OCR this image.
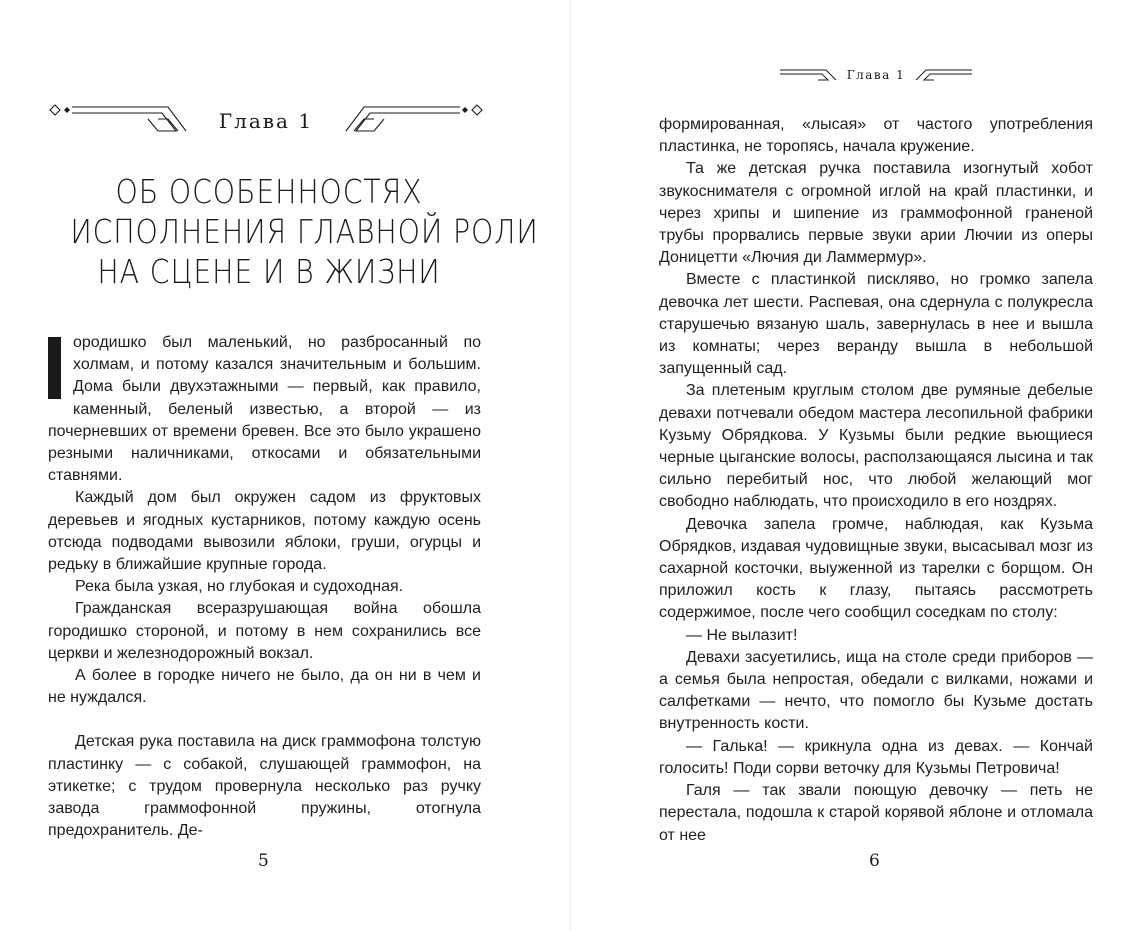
Глава 1
ОБ ОСОБЕННОСТЯХ
ИСПОЛНЕНИЯ ГЛАВНОЙ РОЛИ
НА СЦЕНЕ И В ЖИЗНИ

ородишко был маленький, но разбросанный по холмам, и потому казался значительным и большим. Дома были двухэтажными — первый, как правило, каменный, беленый известью, а второй — из почерневших от времени бревен. Все это было украшено резными наличниками, откосами и обязательными ставнями.

Каждый дом был окружен садом из фруктовых деревьев и ягодных кустарников, потому каждую осень отсюда подводами вывозили яблоки, груши, огурцы и редьку в ближайшие крупные города.

Река была узкая, но глубокая и судоходная.

Гражданская всеразрушающая война обошла городишко стороной, и потому в нем сохранились все церкви и железнодорожный вокзал.

А более в городке ничего не было, да он ни в чем и не нуждался.

Детская рука поставила на диск граммофона толстую пластинку — с собакой, слушающей граммофон, на этикетке; с трудом провернула несколько раз ручку завода граммофонной пружины, отогнула предохранитель. Де-

5
Глава 1

формированная, «лысая» от частого употребления пластинка, не торопясь, начала кружение.

Та же детская ручка поставила изогнутый хобот звукоснимателя с огромной иглой на край пластинки, и через хрипы и шипение из граммофонной граненой трубы прорвались первые звуки арии Лючии из оперы Доницетти «Лючия ди Ламмермур».

Вместе с пластинкой пискляво, но громко запела девочка лет шести. Распевая, она сдернула с полукресла старушечью вязаную шаль, завернулась в нее и вышла из комнаты; через веранду вышла в небольшой запущенный сад.

За плетеным круглым столом две румяные дебелые девахи потчевали обедом мастера лесопильной фабрики Кузьму Обрядкова. У Кузьмы были редкие вьющиеся черные цыганские волосы, расползающаяся лысина и так сильно перебитый нос, что любой желающий мог свободно наблюдать, что происходило в его ноздрях.

Девочка запела громче, наблюдая, как Кузьма Обрядков, издавая чудовищные звуки, высасывал мозг из сахарной косточки, выуженной из тарелки с борщом. Он приложил кость к глазу, пытаясь рассмотреть содержимое, после чего сообщил соседкам по столу:

— Не вылазит!

Девахи засуетились, ища на столе среди приборов — а семья была непростая, обедали с вилками, ножами и салфетками — нечто, что помогло бы Кузьме достать внутренность кости.

— Галька! — крикнула одна из девах. — Кончай голосить! Поди сорви веточку для Кузьмы Петровича!

Галя — так звали поющую девочку — петь не перестала, подошла к старой корявой яблоне и отломала от нее

6
